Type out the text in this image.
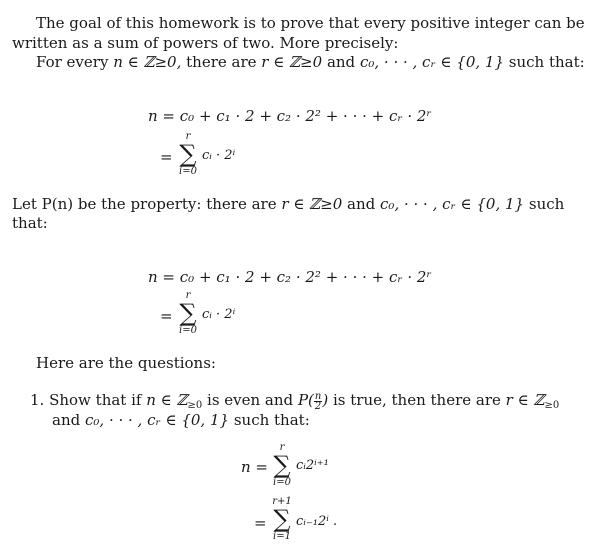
The goal of this homework is to prove that every positive integer can be
written as a sum of powers of two. More precisely:
For every n ∈ ℤ≥0, there are r ∈ ℤ≥0 and c₀, · · · , cᵣ ∈ {0, 1} such that:
n = c₀ + c₁ · 2 + c₂ · 2² + · · · + cᵣ · 2ʳ
=
r
∑
i=0
cᵢ · 2ⁱ
Let P(n) be the property: there are r ∈ ℤ≥0 and c₀, · · · , cᵣ ∈ {0, 1} such
that:
n = c₀ + c₁ · 2 + c₂ · 2² + · · · + cᵣ · 2ʳ
=
r
∑
i=0
cᵢ · 2ⁱ
Here are the questions:
1. Show that if n ∈ ℤ$_{\ge 0}$ is even and $P( \frac{n}{2}$ ) is true, then there are r ∈ ℤ$_{\ge 0}$
and c₀, · · · , cᵣ ∈ {0, 1} such that:
n =
r
∑
i=0
cᵢ2ⁱ⁺¹
=
r+1
∑
i=1
cᵢ₋₁2ⁱ .
